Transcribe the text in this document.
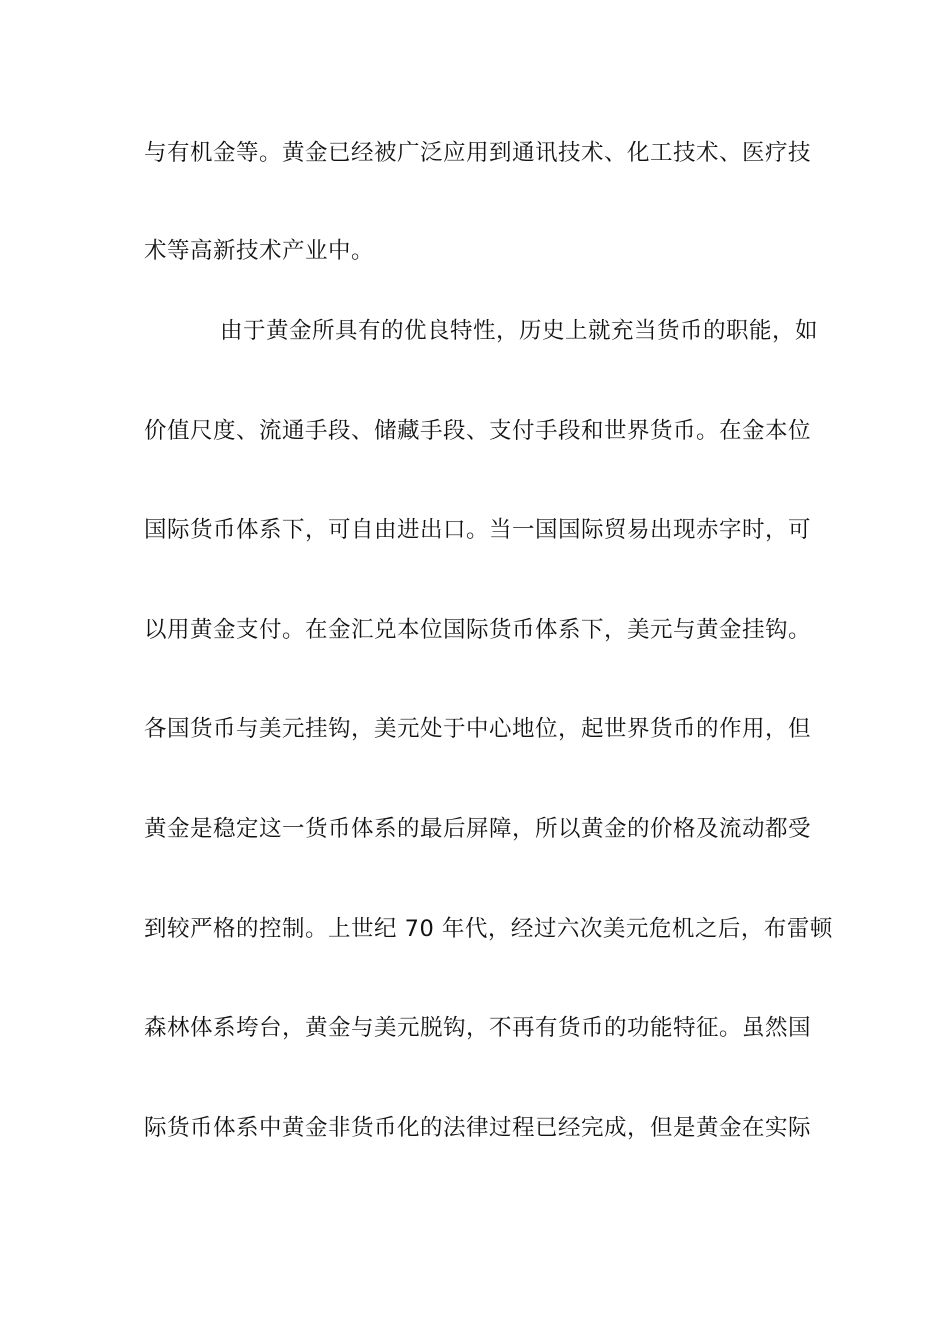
与有机金等。黄金已经被广泛应用到通讯技术、化工技术、医疗技
术等高新技术产业中。
由于黄金所具有的优良特性，历史上就充当货币的职能，如
价值尺度、流通手段、储藏手段、支付手段和世界货币。在金本位
国际货币体系下，可自由进出口。当一国国际贸易出现赤字时，可
以用黄金支付。在金汇兑本位国际货币体系下，美元与黄金挂钩。
各国货币与美元挂钩，美元处于中心地位，起世界货币的作用，但
黄金是稳定这一货币体系的最后屏障，所以黄金的价格及流动都受
到较严格的控制。上世纪 70 年代，经过六次美元危机之后，布雷顿
森林体系垮台，黄金与美元脱钩，不再有货币的功能特征。虽然国
际货币体系中黄金非货币化的法律过程已经完成，但是黄金在实际
